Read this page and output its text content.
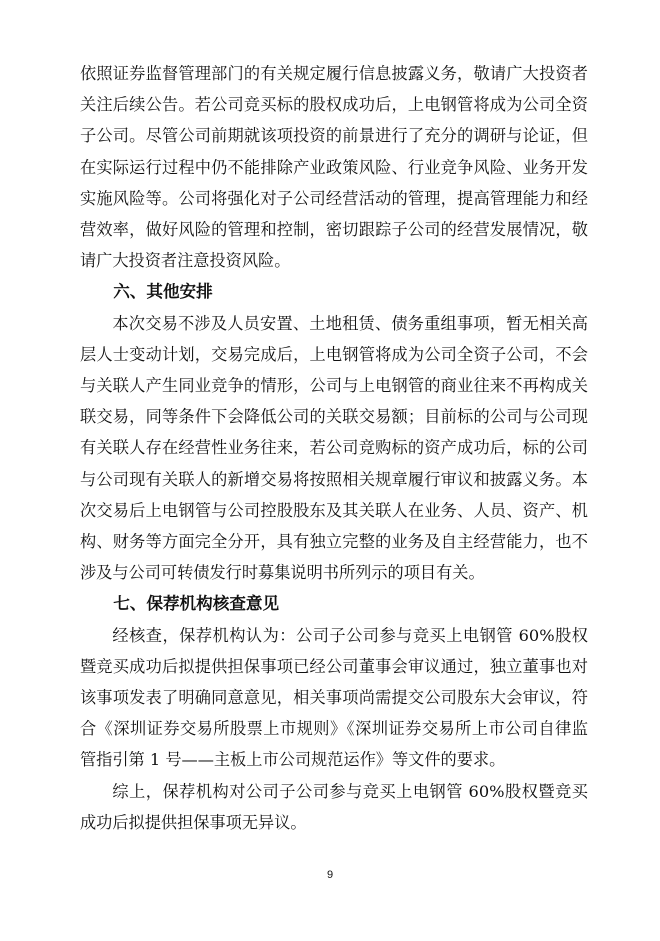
依照证券监督管理部门的有关规定履行信息披露义务，敬请广大投资者关注后续公告。若公司竞买标的股权成功后，上电钢管将成为公司全资子公司。尽管公司前期就该项投资的前景进行了充分的调研与论证，但在实际运行过程中仍不能排除产业政策风险、行业竞争风险、业务开发实施风险等。公司将强化对子公司经营活动的管理，提高管理能力和经营效率，做好风险的管理和控制，密切跟踪子公司的经营发展情况，敬请广大投资者注意投资风险。

六、其他安排

本次交易不涉及人员安置、土地租赁、债务重组事项，暂无相关高层人士变动计划，交易完成后，上电钢管将成为公司全资子公司，不会与关联人产生同业竞争的情形，公司与上电钢管的商业往来不再构成关联交易，同等条件下会降低公司的关联交易额；目前标的公司与公司现有关联人存在经营性业务往来，若公司竞购标的资产成功后，标的公司与公司现有关联人的新增交易将按照相关规章履行审议和披露义务。本次交易后上电钢管与公司控股股东及其关联人在业务、人员、资产、机构、财务等方面完全分开，具有独立完整的业务及自主经营能力，也不涉及与公司可转债发行时募集说明书所列示的项目有关。

七、保荐机构核查意见

经核查，保荐机构认为：公司子公司参与竞买上电钢管 60%股权暨竞买成功后拟提供担保事项已经公司董事会审议通过，独立董事也对该事项发表了明确同意意见，相关事项尚需提交公司股东大会审议，符合《深圳证券交易所股票上市规则》《深圳证券交易所上市公司自律监管指引第 1 号——主板上市公司规范运作》等文件的要求。

综上，保荐机构对公司子公司参与竞买上电钢管 60%股权暨竞买成功后拟提供担保事项无异议。

9
